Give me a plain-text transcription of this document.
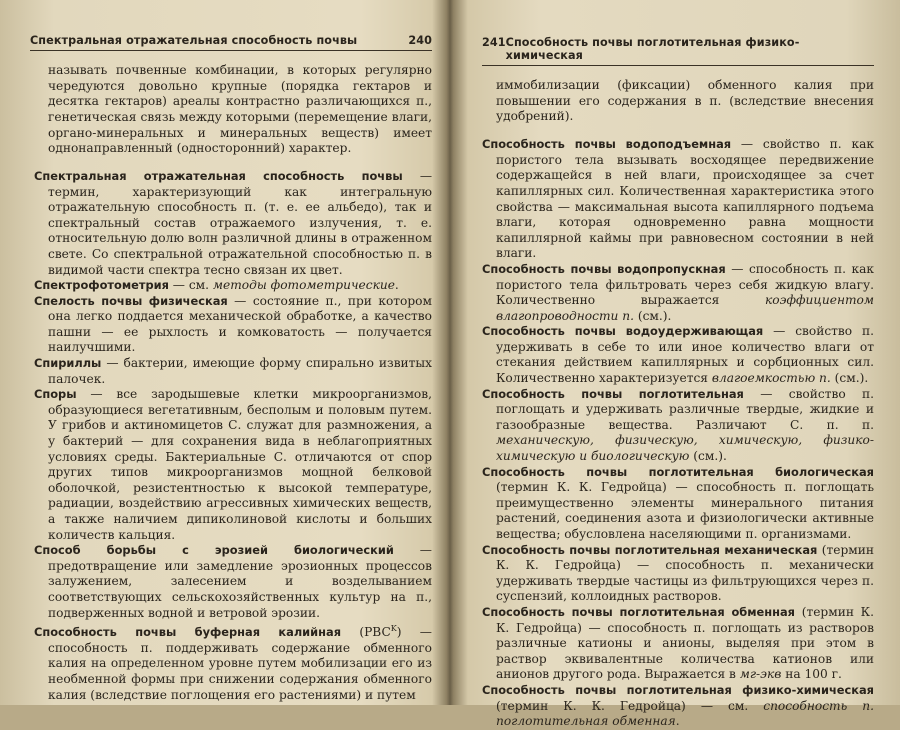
Спектральная отражательная способность почвы	240

называть почвенные комбинации, в которых регулярно чередуются довольно крупные (порядка гектаров и десятка гектаров) ареалы контрастно различающихся п., генетическая связь между которыми (перемещение влаги, органо-минеральных и минеральных веществ) имеет однонаправленный (односторонний) характер.

Спектральная отражательная способность почвы — термин, характеризующий как интегральную отражательную способность п. (т. е. ее альбедо), так и спектральный состав отражаемого излучения, т. е. относительную долю волн различной длины в отраженном свете. Со спектральной отражательной способностью п. в видимой части спектра тесно связан их цвет.

Спектрофотометрия — см. методы фотометрические.

Спелость почвы физическая — состояние п., при котором она легко поддается механической обработке, а качество пашни — ее рыхлость и комковатость — получается наилучшими.

Спириллы — бактерии, имеющие форму спирально извитых палочек.

Споры — все зародышевые клетки микроорганизмов, образующиеся вегетативным, бесполым и половым путем. У грибов и актиномицетов С. служат для размножения, а у бактерий — для сохранения вида в неблагоприятных условиях среды. Бактериальные С. отличаются от спор других типов микроорганизмов мощной белковой оболочкой, резистентностью к высокой температуре, радиации, воздействию агрессивных химических веществ, а также наличием дипиколиновой кислоты и больших количеств кальция.

Способ борьбы с эрозией биологический — предотвращение или замедление эрозионных процессов залужением, залесением и возделыванием соответствующих сельскохозяйственных культур на п., подверженных водной и ветровой эрозии.

Способность почвы буферная калийная $(PBC^K)$ — способность п. поддерживать содержание обменного калия на определенном уровне путем мобилизации его из необменной формы при снижении содержания обменного калия (вследствие поглощения его растениями) и путем

241 Способность почвы поглотительная физико-химическая

иммобилизации (фиксации) обменного калия при повышении его содержания в п. (вследствие внесения удобрений).

Способность почвы водоподъемная — свойство п. как пористого тела вызывать восходящее передвижение содержащейся в ней влаги, происходящее за счет капиллярных сил. Количественная характеристика этого свойства — максимальная высота капиллярного подъема влаги, которая одновременно равна мощности капиллярной каймы при равновесном состоянии в ней влаги.

Способность почвы водопропускная — способность п. как пористого тела фильтровать через себя жидкую влагу. Количественно выражается коэффициентом влагопроводности п. (см.).

Способность почвы водоудерживающая — свойство п. удерживать в себе то или иное количество влаги от стекания действием капиллярных и сорбционных сил. Количественно характеризуется влагоемкостью п. (см.).

Способность почвы поглотительная — свойство п. поглощать и удерживать различные твердые, жидкие и газообразные вещества. Различают С. п. п. механическую, физическую, химическую, физико-химическую и биологическую (см.).

Способность почвы поглотительная биологическая (термин К. К. Гедройца) — способность п. поглощать преимущественно элементы минерального питания растений, соединения азота и физиологически активные вещества; обусловлена населяющими п. организмами.

Способность почвы поглотительная механическая (термин К. К. Гедройца) — способность п. механически удерживать твердые частицы из фильтрующихся через п. суспензий, коллоидных растворов.

Способность почвы поглотительная обменная (термин К. К. Гедройца) — способность п. поглощать из растворов различные катионы и анионы, выделяя при этом в раствор эквивалентные количества катионов или анионов другого рода. Выражается в мг-экв на 100 г.

Способность почвы поглотительная физико-химическая (термин К. К. Гедройца) — см. способность п. поглотительная обменная.
